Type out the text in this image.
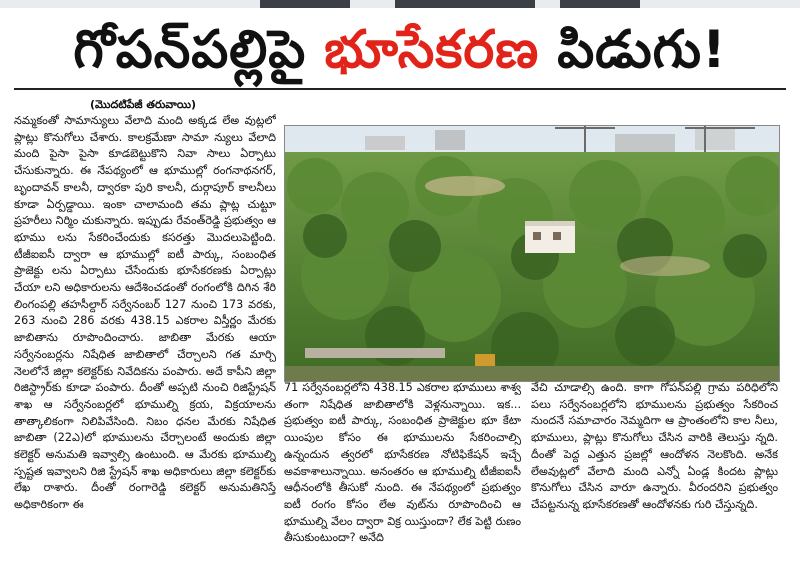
గోపన్‌పల్లిపై భూసేకరణ పిడుగు!
(మొదటిపేజీ తరువాయి)

నమ్మకంతో సామాన్యులు వేలాది మంది అక్కడ లేఅ వుట్లలో ప్లాట్లు కొనుగోలు చేశారు. కాలక్రమేణా సామా న్యులు వేలాది మంది పైసా పైసా కూడబెట్టుకొని నివా సాలు ఏర్పాటు చేసుకున్నారు. ఈ నేపథ్యంలో ఆ భూముల్లో రంగనాథనగర్, బృందావన్ కాలనీ, ద్వారకా పురి కాలనీ, దుర్గాపూర్ కాలనీలు కూడా ఏర్పడ్డాయి. ఇంకా చాలామంది తమ ప్లాట్ల చుట్టూ ప్రహరీలు నిర్మిం చుకున్నారు. ఇప్పుడు రేవంత్‌రెడ్డి ప్రభుత్వం ఆ భూము లను సేకరించేందుకు కసరత్తు మొదలుపెట్టింది. టీజీఐఐసీ ద్వారా ఆ భూముల్లో ఐటీ పార్కు, సంబంధిత ప్రాజెక్టు లను ఏర్పాటు చేసేందుకు భూసేకరణకు ఏర్పాట్లు చేయా లని అధికారులను ఆదేశించడంతో రంగంలోకి దిగిన శేరి లింగంపల్లి తహసీల్దార్ సర్వేనంబర్ 127 నుంచి 173 వరకు, 263 నుంచి 286 వరకు 438.15 ఎకరాల విస్తీర్ణం మేరకు జాబితాను రూపొందించారు. జాబితా మేరకు ఆయా సర్వేనంబర్లను నిషేధిత జాబితాలో చేర్చాలని గత మార్చి నెలలోనే జిల్లా కలెక్టర్‌కు నివేదికను పంపారు. అదే కాపీని జిల్లా రిజిస్ట్రార్‌కు కూడా పంపారు. దీంతో అప్పటి నుంచి రిజిస్ట్రేషన్ శాఖ ఆ సర్వేనంబర్లలో భూముల్ని క్రయ, విక్రయాలను తాత్కాలికంగా నిలిపివేసింది. నిబం ధనల మేరకు నిషేధిత జాబితా (22ఎ)లో భూములను చేర్చాలంటే అందుకు జిల్లా కలెక్టర్ అనుమతి ఇవ్వాల్సి ఉంటుంది. ఆ మేరకు భూముల్ని స్పష్టత ఇవ్వాలని రిజి స్ట్రేషన్ శాఖ అధికారులు జిల్లా కలెక్టర్‌కు లేఖ రాశారు. దీంతో రంగారెడ్డి కలెక్టర్ అనుమతినిస్తే అధికారికంగా ఈ

71 సర్వేనంబర్లలోని 438.15 ఎకరాల భూములు శాశ్వ తంగా నిషేధిత జాబితాలోకి వెళ్లనున్నాయి. ఇక... ప్రభుత్వం ఐటీ పార్కు, సంబంధిత ప్రాజెక్టుల భూ కేటా యింపుల కోసం ఈ భూములను సేకరించాల్సి ఉన్నందున త్వరలో భూసేకరణ నోటిఫికేషన్ ఇచ్చే అవకాశాలున్నాయి. అనంతరం ఆ భూముల్ని టీజీఐఐసీ ఆధీనంలోకి తీసుకో నుంది. ఈ నేపథ్యంలో ప్రభుత్వం ఐటీ రంగం కోసం లేఅ వుట్‌ను రూపొందించి ఆ భూముల్ని వేలం ద్వారా విక్ర యిస్తుందా? లేక పెట్టి రుణం తీసుకుంటుందా? అనేది

వేచి చూడాల్సి ఉంది. కాగా గోపన్‌పల్లి గ్రామ పరిధిలోని పలు సర్వేనంబర్లలోని భూములను ప్రభుత్వం సేకరించ నుందనే సమాచారం నెమ్మదిగా ఆ ప్రాంతంలోని కాల నీలు, భూములు, ప్లాట్లు కొనుగోలు చేసిన వారికి తెలుస్తు న్నది. దీంతో పెద్ద ఎత్తున ప్రజల్లో ఆందోళన నెలకొంది. అనేక లేఅవుట్లలో వేలాది మంది ఎన్నో ఏండ్ల కిందట ప్లాట్లు కొనుగోలు చేసిన వారూ ఉన్నారు. వీరందరిని ప్రభుత్వం చేపట్టనున్న భూసేకరణతో ఆందోళనకు గురి చేస్తున్నది.
